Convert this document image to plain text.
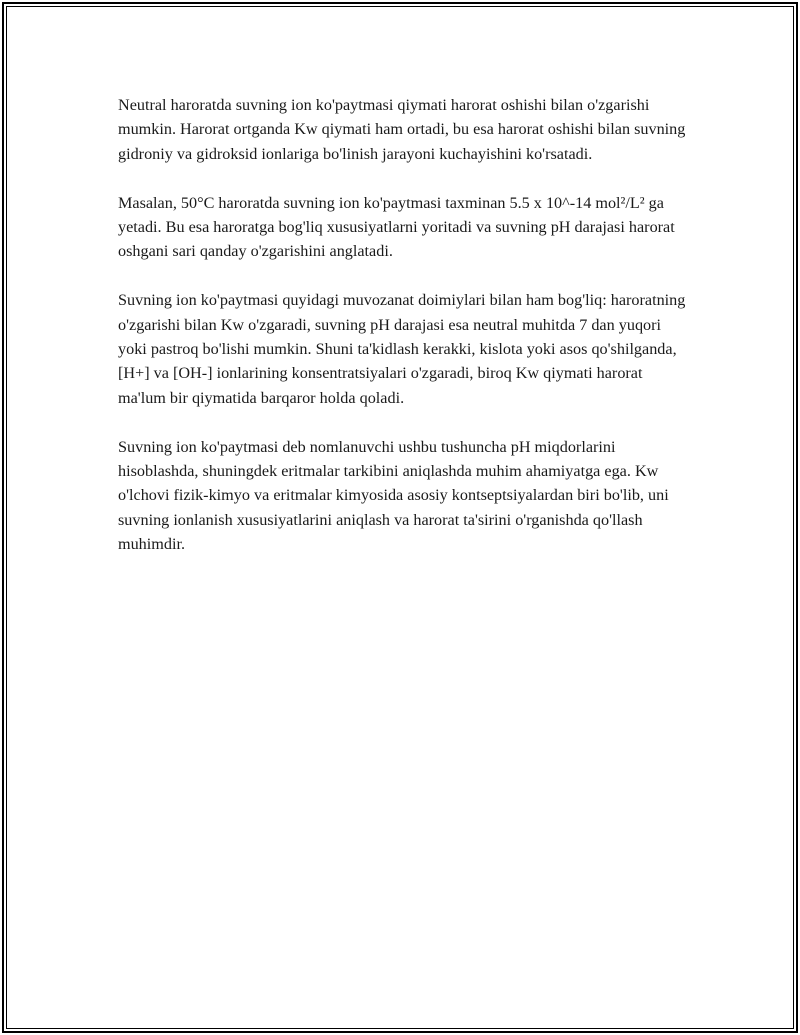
Neutral haroratda suvning ion ko'paytmasi qiymati harorat oshishi bilan o'zgarishi mumkin. Harorat ortganda Kw qiymati ham ortadi, bu esa harorat oshishi bilan suvning gidroniy va gidroksid ionlariga bo'linish jarayoni kuchayishini ko'rsatadi.

Masalan, 50°C haroratda suvning ion ko'paytmasi taxminan 5.5 x 10^-14 mol²/L² ga yetadi. Bu esa haroratga bog'liq xususiyatlarni yoritadi va suvning pH darajasi harorat oshgani sari qanday o'zgarishini anglatadi.

Suvning ion ko'paytmasi quyidagi muvozanat doimiylari bilan ham bog'liq: haroratning o'zgarishi bilan Kw o'zgaradi, suvning pH darajasi esa neutral muhitda 7 dan yuqori yoki pastroq bo'lishi mumkin. Shuni ta'kidlash kerakki, kislota yoki asos qo'shilganda, [H+] va [OH-] ionlarining konsentratsiyalari o'zgaradi, biroq Kw qiymati harorat ma'lum bir qiymatida barqaror holda qoladi.

Suvning ion ko'paytmasi deb nomlanuvchi ushbu tushuncha pH miqdorlarini hisoblashda, shuningdek eritmalar tarkibini aniqlashda muhim ahamiyatga ega. Kw o'lchovi fizik-kimyo va eritmalar kimyosida asosiy kontseptsiyalardan biri bo'lib, uni suvning ionlanish xususiyatlarini aniqlash va harorat ta'sirini o'rganishda qo'llash muhimdir.
